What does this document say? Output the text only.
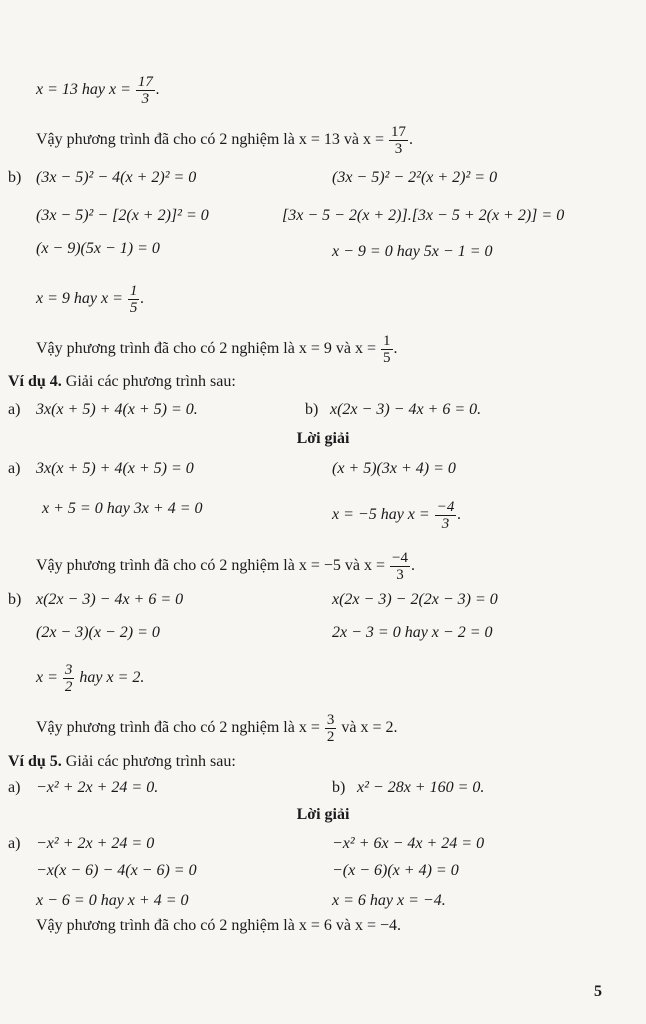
x = 13 hay $x = \frac{17}{3}$ .
Vậy phương trình đã cho có 2 nghiệm là x = 13 và $x = \frac{17}{3}$ .
b) (3x − 5)² − 4(x + 2)² = 0	(3x − 5)² − 2²(x + 2)² = 0
(3x − 5)² − [2(x + 2)]² = 0	[3x − 5 − 2(x + 2)].[3x − 5 + 2(x + 2)] = 0
(x − 9)(5x − 1) = 0	x − 9 = 0 hay 5x − 1 = 0
x = 9 hay $x = \frac{1}{5}$ .
Vậy phương trình đã cho có 2 nghiệm là x = 9 và $x = \frac{1}{5}$ .
Ví dụ 4. Giải các phương trình sau:
a) 3x(x + 5) + 4(x + 5) = 0.	b) x(2x − 3) − 4x + 6 = 0.
Lời giải
a) 3x(x + 5) + 4(x + 5) = 0	(x + 5)(3x + 4) = 0
x + 5 = 0 hay 3x + 4 = 0	x = −5 hay $x = \frac{-4}{3}$ .
Vậy phương trình đã cho có 2 nghiệm là x = −5 và $x = \frac{-4}{3}$ .
b) x(2x − 3) − 4x + 6 = 0	x(2x − 3) − 2(2x − 3) = 0
(2x − 3)(x − 2) = 0	2x − 3 = 0 hay x − 2 = 0
$x = \frac{3}{2}$ hay x = 2.
Vậy phương trình đã cho có 2 nghiệm là $x = \frac{3}{2}$ và x = 2.
Ví dụ 5. Giải các phương trình sau:
a) −x² + 2x + 24 = 0.	b) x² − 28x + 160 = 0.
Lời giải
a) −x² + 2x + 24 = 0	−x² + 6x − 4x + 24 = 0
−x(x − 6) − 4(x − 6) = 0	−(x − 6)(x + 4) = 0
x − 6 = 0 hay x + 4 = 0	x = 6 hay x = −4.
Vậy phương trình đã cho có 2 nghiệm là x = 6 và x = −4.
5
